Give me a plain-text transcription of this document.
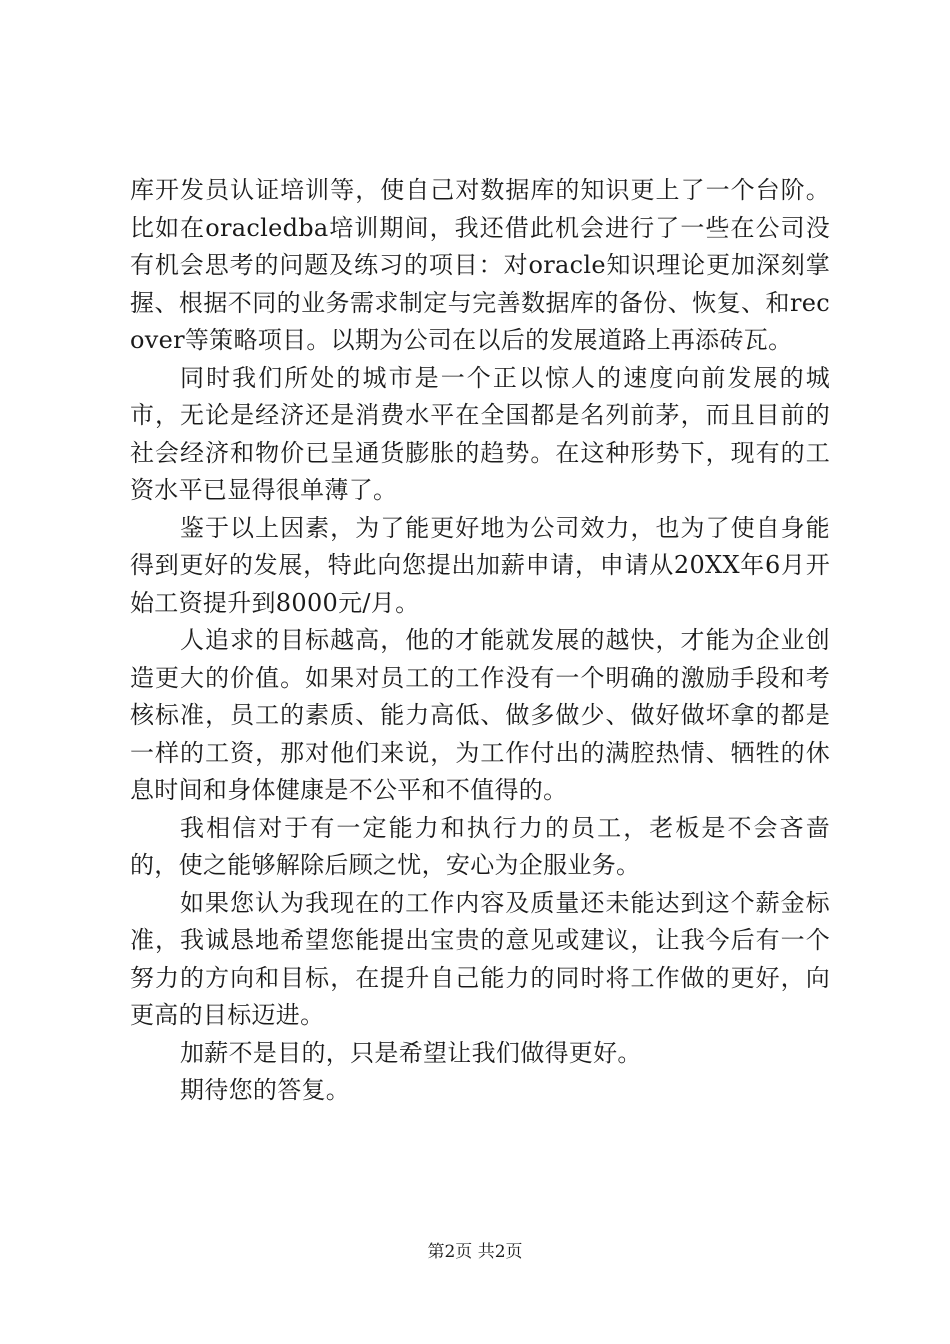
库开发员认证培训等，使自己对数据库的知识更上了一个台阶。比如在oracledba培训期间，我还借此机会进行了一些在公司没有机会思考的问题及练习的项目：对oracle知识理论更加深刻掌握、根据不同的业务需求制定与完善数据库的备份、恢复、和recover等策略项目。以期为公司在以后的发展道路上再添砖瓦。

同时我们所处的城市是一个正以惊人的速度向前发展的城市，无论是经济还是消费水平在全国都是名列前茅，而且目前的社会经济和物价已呈通货膨胀的趋势。在这种形势下，现有的工资水平已显得很单薄了。

鉴于以上因素，为了能更好地为公司效力，也为了使自身能得到更好的发展，特此向您提出加薪申请，申请从20XX年6月开始工资提升到8000元/月。

人追求的目标越高，他的才能就发展的越快，才能为企业创造更大的价值。如果对员工的工作没有一个明确的激励手段和考核标准，员工的素质、能力高低、做多做少、做好做坏拿的都是一样的工资，那对他们来说，为工作付出的满腔热情、牺牲的休息时间和身体健康是不公平和不值得的。

我相信对于有一定能力和执行力的员工，老板是不会吝啬的，使之能够解除后顾之忧，安心为企服业务。

如果您认为我现在的工作内容及质量还未能达到这个薪金标准，我诚恳地希望您能提出宝贵的意见或建议，让我今后有一个努力的方向和目标，在提升自己能力的同时将工作做的更好，向更高的目标迈进。

加薪不是目的，只是希望让我们做得更好。

期待您的答复。

第2页 共2页
